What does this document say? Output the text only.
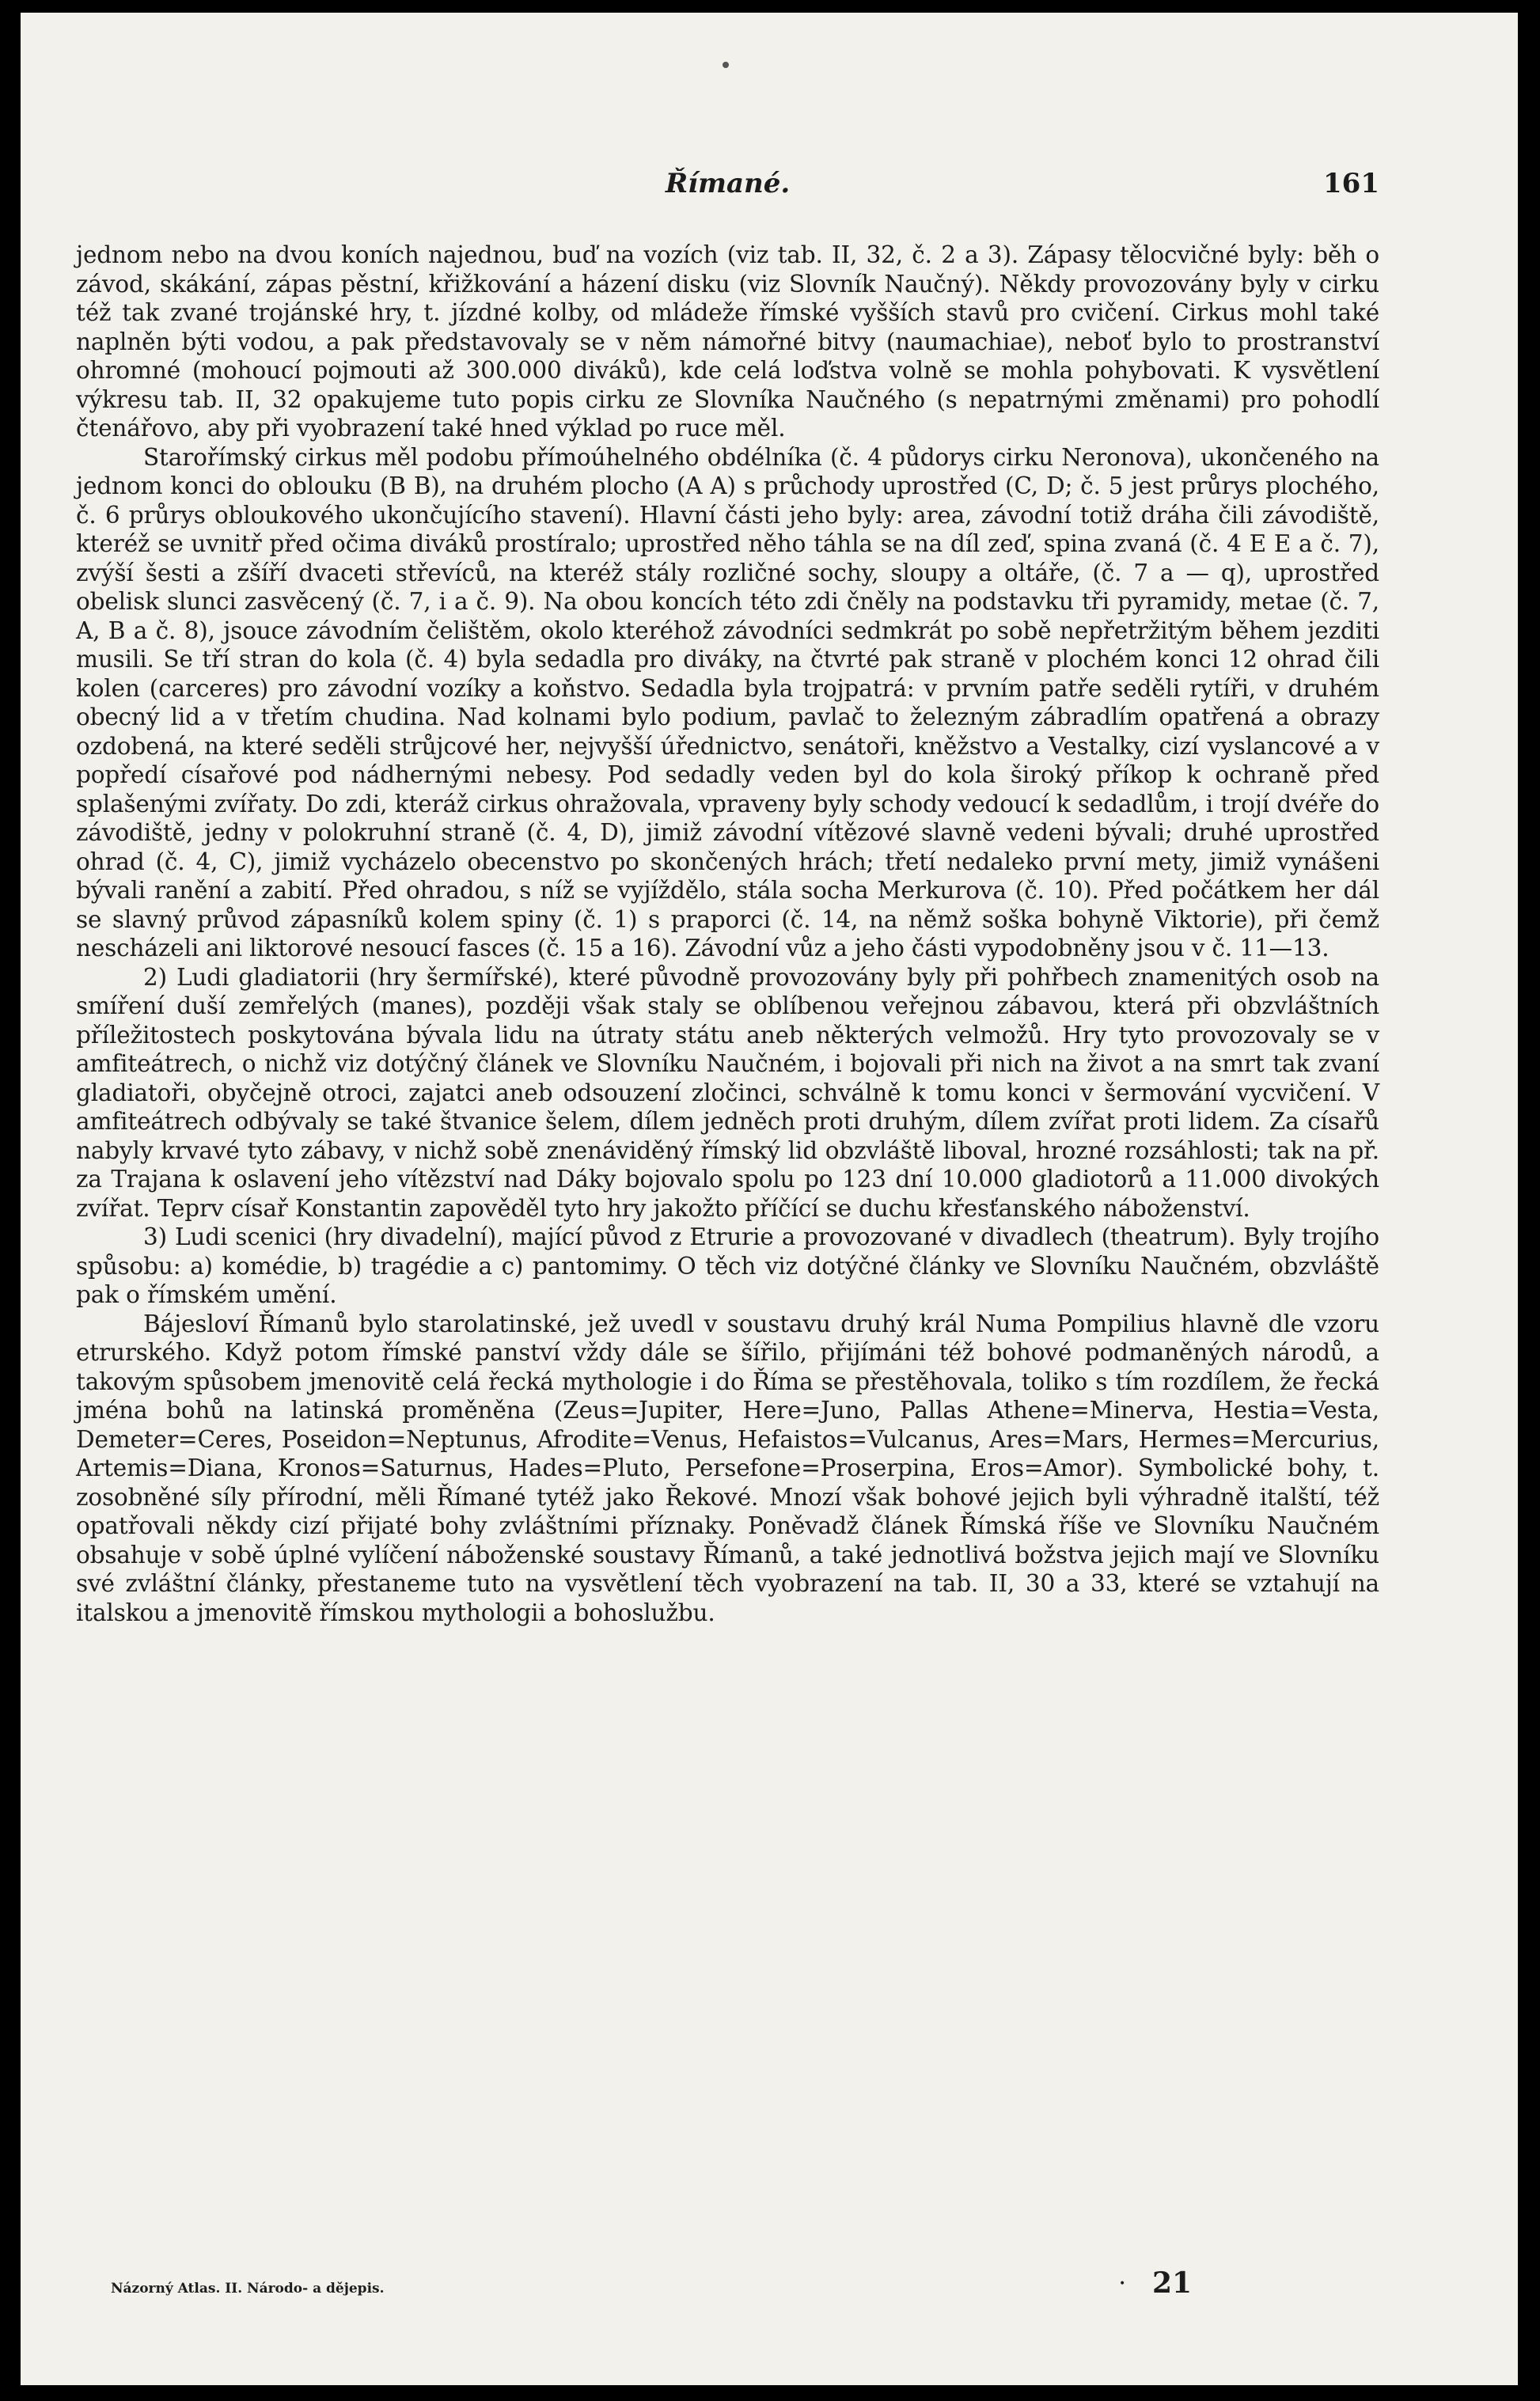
Římané.	161

jednom nebo na dvou koních najednou, buď na vozích (viz tab. II, 32, č. 2 a 3). Zápasy tělocvičné byly: běh o závod, skákání, zápas pěstní, křižkování a házení disku (viz Slovník Naučný). Někdy provozovány byly v cirku též tak zvané trojánské hry, t. jízdné kolby, od mládeže římské vyšších stavů pro cvičení. Cirkus mohl také naplněn býti vodou, a pak představovaly se v něm námořné bitvy (naumachiae), neboť bylo to prostranství ohromné (mohoucí pojmouti až 300.000 diváků), kde celá loďstva volně se mohla pohybovati. K vysvětlení výkresu tab. II, 32 opakujeme tuto popis cirku ze Slovníka Naučného (s nepatrnými změnami) pro pohodlí čtenářovo, aby při vyobrazení také hned výklad po ruce měl.

Starořímský cirkus měl podobu přímoúhelného obdélníka (č. 4 půdorys cirku Neronova), ukončeného na jednom konci do oblouku (B B), na druhém plocho (A A) s průchody uprostřed (C, D; č. 5 jest průrys plochého, č. 6 průrys obloukového ukončujícího stavení). Hlavní části jeho byly: area, závodní totiž dráha čili závodiště, kteréž se uvnitř před očima diváků prostíralo; uprostřed něho táhla se na díl zeď, spina zvaná (č. 4 E E a č. 7), zvýší šesti a zšíří dvaceti střevíců, na kteréž stály rozličné sochy, sloupy a oltáře, (č. 7 a — q), uprostřed obelisk slunci zasvěcený (č. 7, i a č. 9). Na obou koncích této zdi čněly na podstavku tři pyramidy, metae (č. 7, A, B a č. 8), jsouce závodním čelištěm, okolo kteréhož závodníci sedmkrát po sobě nepřetržitým během jezditi musili. Se tří stran do kola (č. 4) byla sedadla pro diváky, na čtvrté pak straně v plochém konci 12 ohrad čili kolen (carceres) pro závodní vozíky a koňstvo. Sedadla byla trojpatrá: v prvním patře seděli rytíři, v druhém obecný lid a v třetím chudina. Nad kolnami bylo podium, pavlač to železným zábradlím opatřená a obrazy ozdobená, na které seděli strůjcové her, nejvyšší úřednictvo, senátoři, kněžstvo a Vestalky, cizí vyslancové a v popředí císařové pod nádhernými nebesy. Pod sedadly veden byl do kola široký příkop k ochraně před splašenými zvířaty. Do zdi, kteráž cirkus ohražovala, vpraveny byly schody vedoucí k sedadlům, i trojí dvéře do závodiště, jedny v polokruhní straně (č. 4, D), jimiž závodní vítězové slavně vedeni bývali; druhé uprostřed ohrad (č. 4, C), jimiž vycházelo obecenstvo po skončených hrách; třetí nedaleko první mety, jimiž vynášeni bývali ranění a zabití. Před ohradou, s níž se vyjíždělo, stála socha Merkurova (č. 10). Před počátkem her dál se slavný průvod zápasníků kolem spiny (č. 1) s praporci (č. 14, na němž soška bohyně Viktorie), při čemž nescházeli ani liktorové nesoucí fasces (č. 15 a 16). Závodní vůz a jeho části vypodobněny jsou v č. 11—13.

2) Ludi gladiatorii (hry šermířské), které původně provozovány byly při pohřbech znamenitých osob na smíření duší zemřelých (manes), později však staly se oblíbenou veřejnou zábavou, která při obzvláštních příležitostech poskytována bývala lidu na útraty státu aneb některých velmožů. Hry tyto provozovaly se v amfiteátrech, o nichž viz dotýčný článek ve Slovníku Naučném, i bojovali při nich na život a na smrt tak zvaní gladiatoři, obyčejně otroci, zajatci aneb odsouzení zločinci, schválně k tomu konci v šermování vycvičení. V amfiteátrech odbývaly se také štvanice šelem, dílem jedněch proti druhým, dílem zvířat proti lidem. Za císařů nabyly krvavé tyto zábavy, v nichž sobě znenáviděný římský lid obzvláště liboval, hrozné rozsáhlosti; tak na př. za Trajana k oslavení jeho vítězství nad Dáky bojovalo spolu po 123 dní 10.000 gladiotorů a 11.000 divokých zvířat. Teprv císař Konstantin zapověděl tyto hry jakožto příčící se duchu křesťanského náboženství.

3) Ludi scenici (hry divadelní), mající původ z Etrurie a provozované v divadlech (theatrum). Byly trojího spůsobu: a) komédie, b) tragédie a c) pantomimy. O těch viz dotýčné články ve Slovníku Naučném, obzvláště pak o římském umění.

Bájesloví Římanů bylo starolatinské, jež uvedl v soustavu druhý král Numa Pompilius hlavně dle vzoru etrurského. Když potom římské panství vždy dále se šířilo, přijímáni též bohové podmaněných národů, a takovým spůsobem jmenovitě celá řecká mythologie i do Říma se přestěhovala, toliko s tím rozdílem, že řecká jména bohů na latinská proměněna (Zeus=Jupiter, Here=Juno, Pallas Athene=Minerva, Hestia=Vesta, Demeter=Ceres, Poseidon=Neptunus, Afrodite=Venus, Hefaistos=Vulcanus, Ares=Mars, Hermes=Mercurius, Artemis=Diana, Kronos=Saturnus, Hades=Pluto, Persefone=Proserpina, Eros=Amor). Symbolické bohy, t. zosobněné síly přírodní, měli Římané tytéž jako Řekové. Mnozí však bohové jejich byli výhradně italští, též opatřovali někdy cizí přijaté bohy zvláštními příznaky. Poněvadž článek Římská říše ve Slovníku Naučném obsahuje v sobě úplné vylíčení náboženské soustavy Římanů, a také jednotlivá božstva jejich mají ve Slovníku své zvláštní články, přestaneme tuto na vysvětlení těch vyobrazení na tab. II, 30 a 33, které se vztahují na italskou a jmenovitě římskou mythologii a bohoslužbu.

Názorný Atlas. II. Národo- a dějepis.	• 21
